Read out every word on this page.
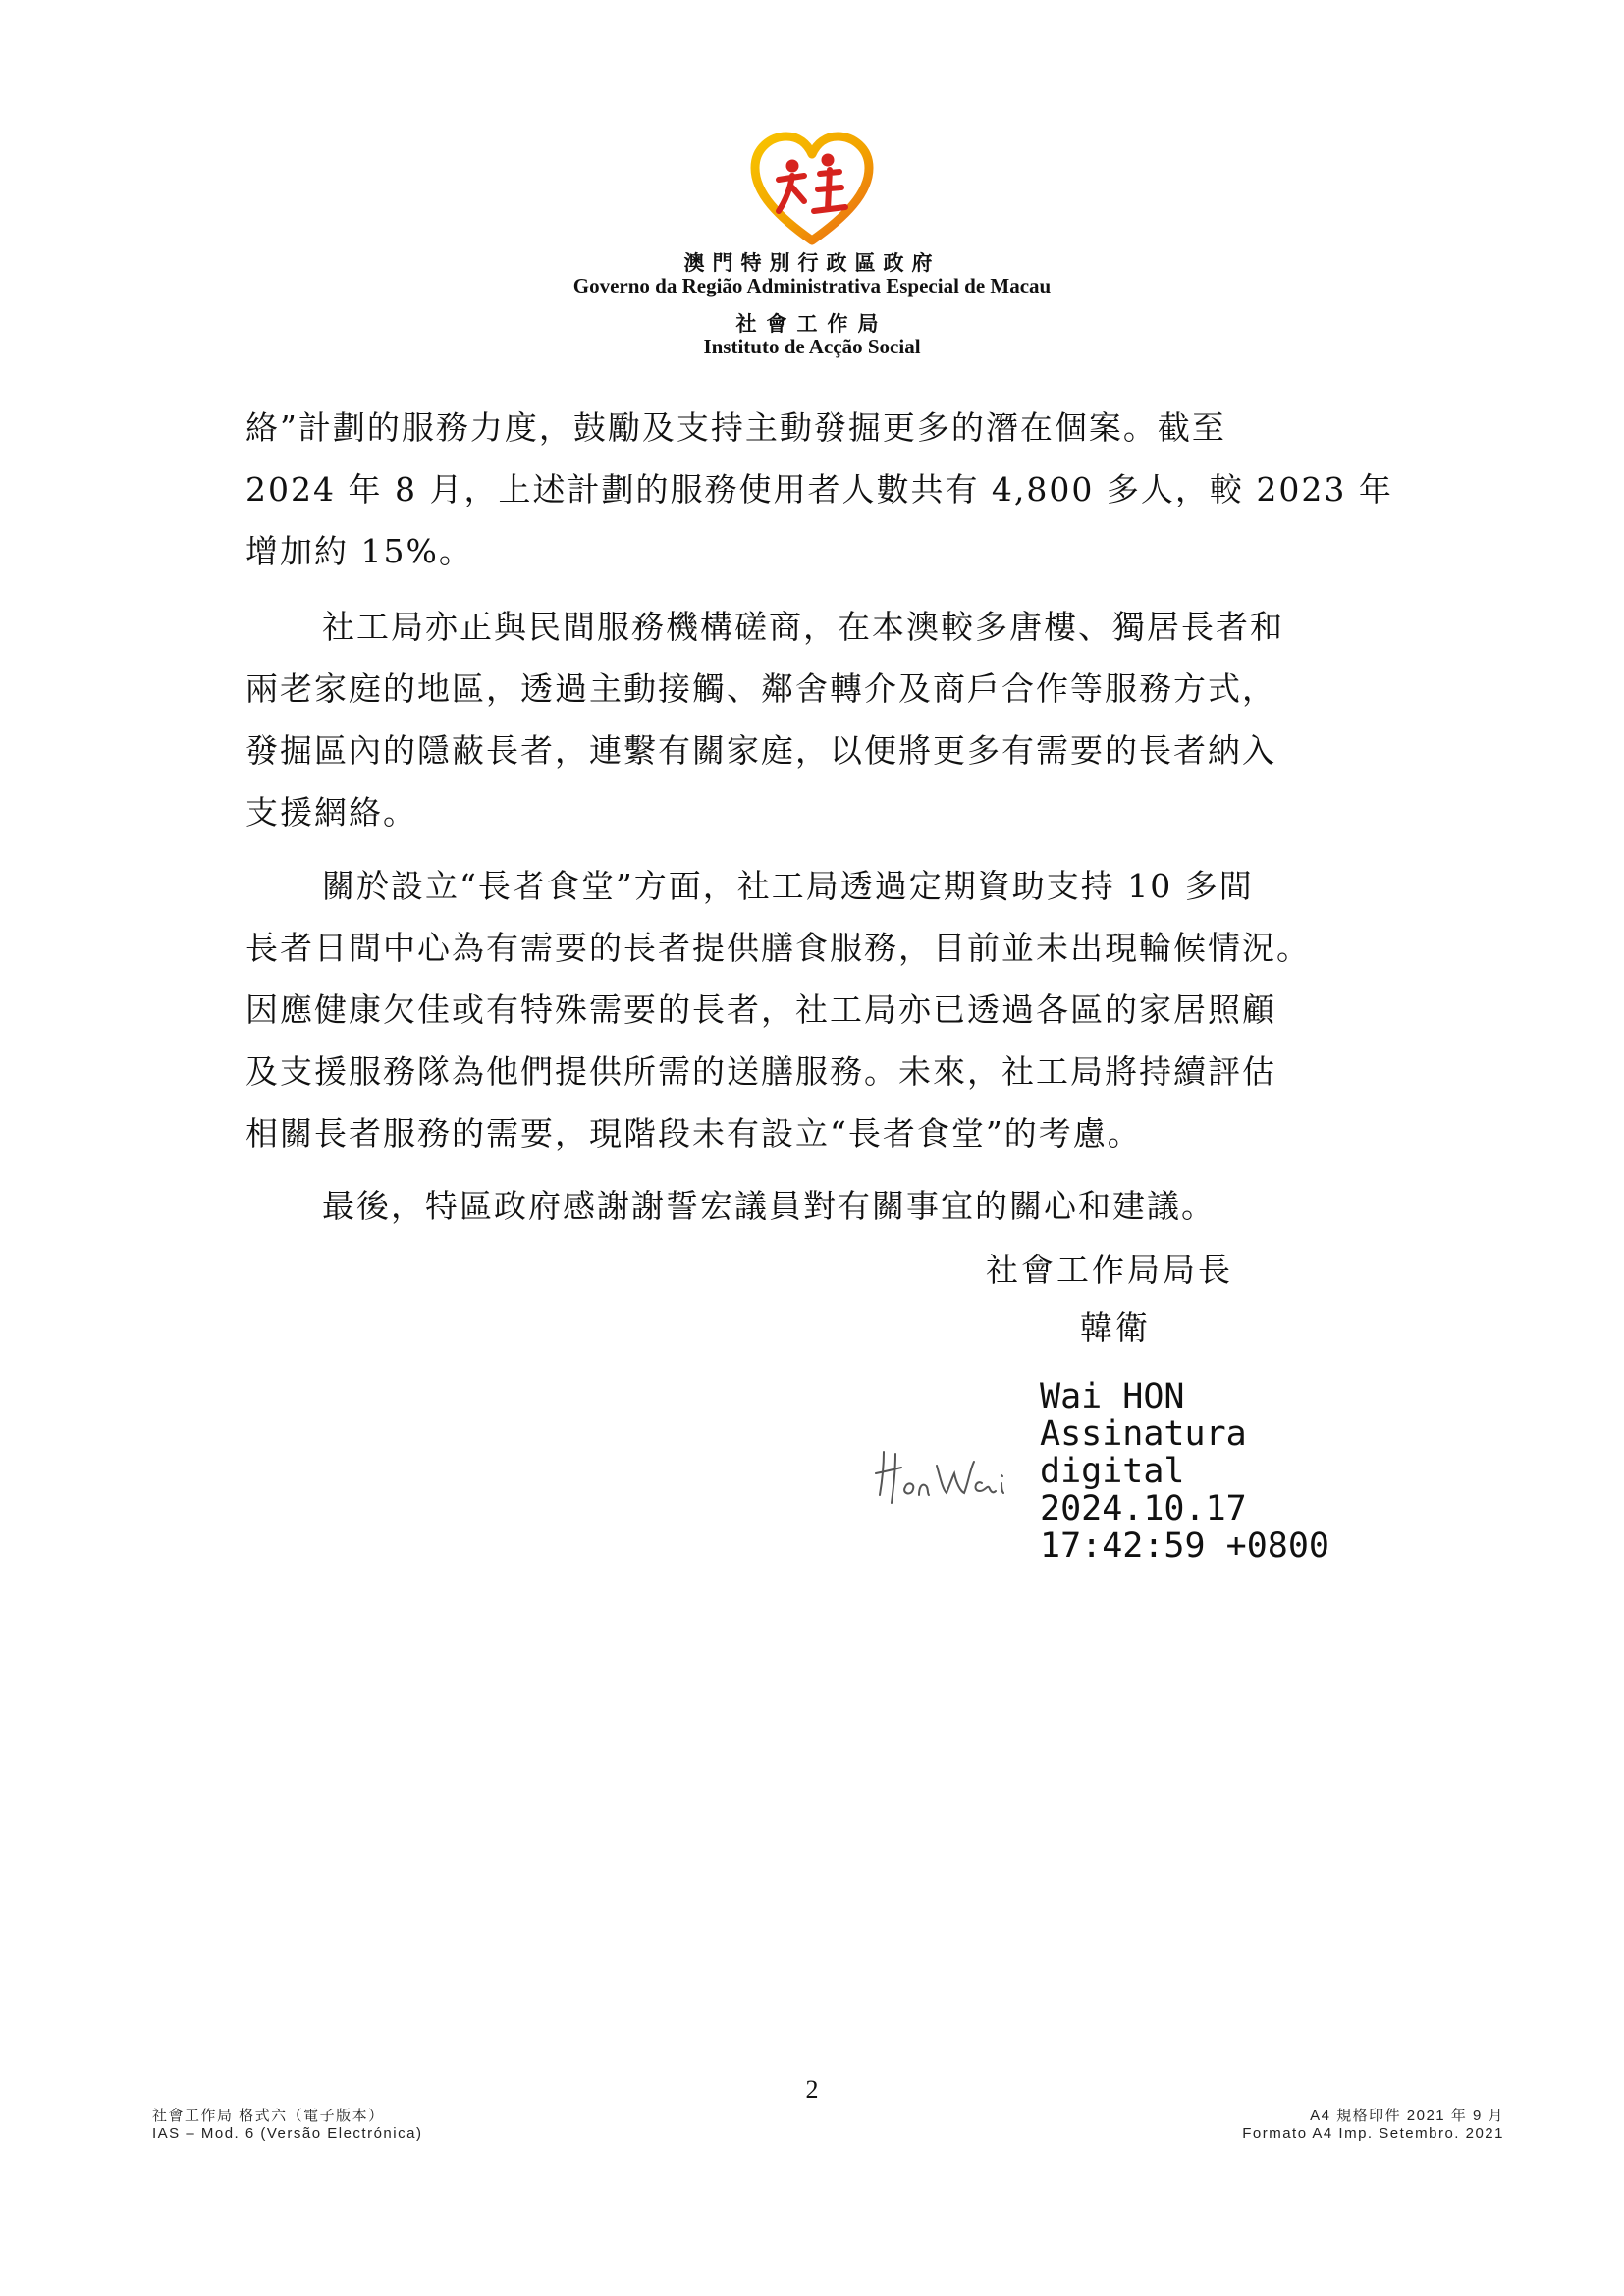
澳門特別行政區政府
Governo da Região Administrativa Especial de Macau
社會工作局
Instituto de Acção Social

絡”計劃的服務力度，鼓勵及支持主動發掘更多的潛在個案。截至
2024 年 8 月，上述計劃的服務使用者人數共有 4,800 多人，較 2023 年
增加約 15%。

社工局亦正與民間服務機構磋商，在本澳較多唐樓、獨居長者和
兩老家庭的地區，透過主動接觸、鄰舍轉介及商戶合作等服務方式，
發掘區內的隱蔽長者，連繫有關家庭，以便將更多有需要的長者納入
支援網絡。

關於設立“長者食堂”方面，社工局透過定期資助支持 10 多間
長者日間中心為有需要的長者提供膳食服務，目前並未出現輪候情況。
因應健康欠佳或有特殊需要的長者，社工局亦已透過各區的家居照顧
及支援服務隊為他們提供所需的送膳服務。未來，社工局將持續評估
相關長者服務的需要，現階段未有設立“長者食堂”的考慮。

最後，特區政府感謝謝誓宏議員對有關事宜的關心和建議。

社會工作局局長
韓衛
Wai HON
Assinatura
digital
2024.10.17
17:42:59 +0800
2
社會工作局 格式六（電子版本）
IAS – Mod. 6 (Versão Electrónica)
A4 規格印件 2021 年 9 月
Formato A4 Imp. Setembro. 2021
